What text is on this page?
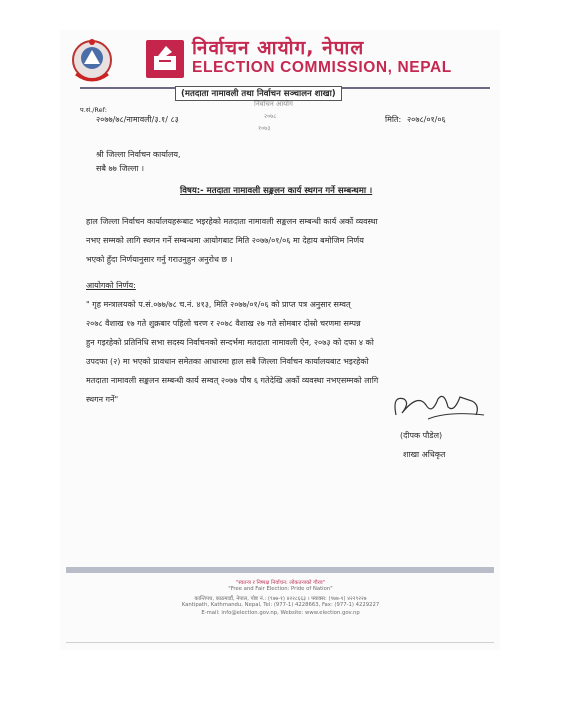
निर्वाचन आयोग, नेपाल
ELECTION COMMISSION, NEPAL
(मतदाता नामावली तथा निर्वाचन सञ्चालन शाखा)
प.सं./Ref:
२०७७/७८/नामावली/३.१/ ८३	मिति: २०७८/०१/०६
निर्वाचन आयोग
२०७८
१०७३
श्री जिल्ला निर्वाचन कार्यालय,
सबै ७७ जिल्ला ।
विषय:- मतदाता नामावली सङ्कलन कार्य स्थगन गर्ने सम्बन्धमा ।
हाल जिल्ला निर्वाचन कार्यालयहरूबाट भइरहेको मतदाता नामावली सङ्कलन सम्बन्धी कार्य अर्को व्यवस्था
नभए सम्मको लागि स्थगन गर्ने सम्बन्धमा आयोगबाट मिति २०७७/०१/०६ मा देहाय बमोजिम निर्णय
भएको हुँदा निर्णयानुसार गर्नु गराउनुहुन अनुरोध छ ।
आयोगको निर्णय:
" गृह मन्त्रालयको प.सं.०७७/७८ च.नं. ४१३, मिति २०७७/०१/०६ को प्राप्त पत्र अनुसार सम्वत्
२०७८ वैशाख १७ गते शुक्रबार पहिलो चरण र २०७८ वैशाख २७ गते सोमबार दोस्रो चरणमा सम्पन्न
हुन गइरहेको प्रतिनिधि सभा सदस्य निर्वाचनको सन्दर्भमा मतदाता नामावली ऐन, २०७३ को दफा ४ को
उपदफा (२) मा भएको प्रावधान समेतका आधारमा हाल सबै जिल्ला निर्वाचन कार्यालयबाट भइरहेको
मतदाता नामावली सङ्कलन सम्बन्धी कार्य सम्वत् २०७७ पौष ६ गतेदेखि अर्को व्यवस्था नभएसम्मको लागि
स्थगन गर्ने"
(दीपक पौडेल)
शाखा अधिकृत
"स्वतन्त्र र निष्पक्ष निर्वाचन: लोकतन्त्रको गौरव"
"Free and Fair Election: Pride of Nation"
कान्तिपथ, काठमाडौं, नेपाल, पोष्ट नं.: (९७७-१) ४२२८६६३ । फ्याक्स: (९७७-१) ४२२९२२७
Kantipath, Kathmandu, Nepal, Tel: (977-1) 4228663, Fax: (977-1) 4229227
E-mail: info@election.gov.np, Website: www.election.gov.np
